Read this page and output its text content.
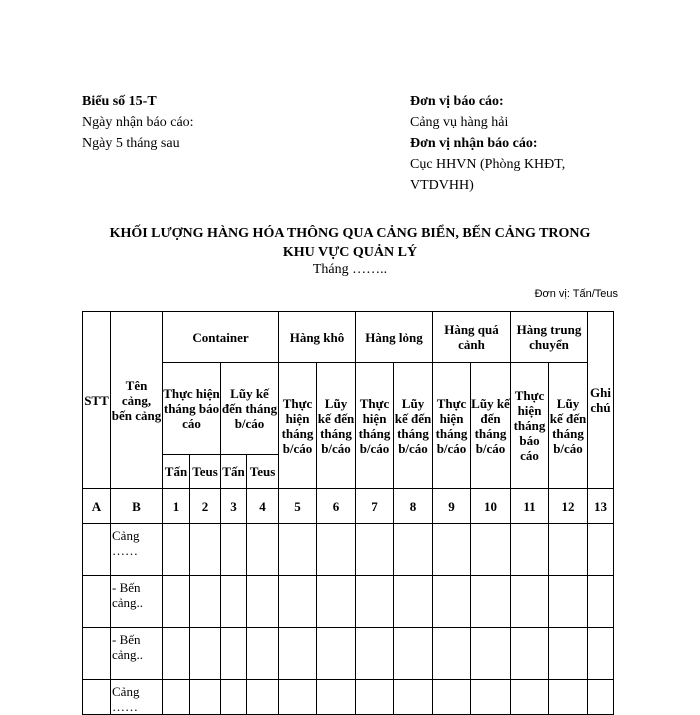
Biểu số 15-T
Ngày nhận báo cáo:
Ngày 5 tháng sau
Đơn vị báo cáo:
Cảng vụ hàng hải
Đơn vị nhận báo cáo:
Cục HHVN (Phòng KHĐT, VTDVHH)
KHỐI LƯỢNG HÀNG HÓA THÔNG QUA CẢNG BIỂN, BẾN CẢNG TRONG
KHU VỰC QUẢN LÝ
Tháng ……..
Đơn vị: Tấn/Teus
STT	Tên cảng, bến cảng	Container				Hàng khô		Hàng lỏng		Hàng quá cảnh		Hàng trung chuyển		Ghi chú
		Thực hiện tháng báo cáo		Lũy kế đến tháng b/cáo		Thực hiện tháng b/cáo	Lũy kế đến tháng b/cáo	Thực hiện tháng b/cáo	Lũy kế đến tháng b/cáo	Thực hiện tháng b/cáo	Lũy kế đến tháng b/cáo	Thực hiện tháng báo cáo	Lũy kế đến tháng b/cáo	
		Tấn	Teus	Tấn	Teus									
A	B	1	2	3	4	5	6	7	8	9	10	11	12	13
	Cảng ……													
	- Bến cảng..													
	- Bến cảng..													
	Cảng ……													
